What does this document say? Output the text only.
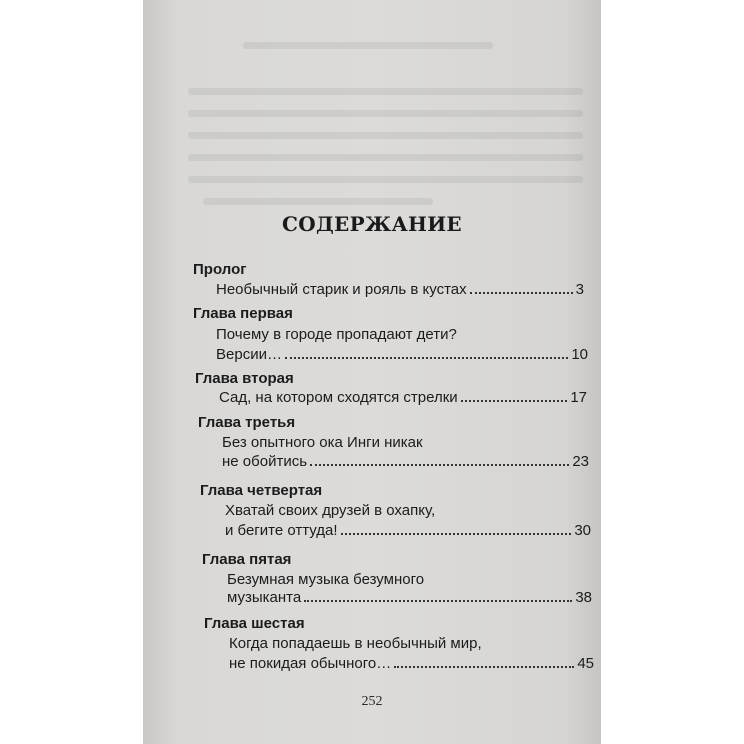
СОДЕРЖАНИЕ
Пролог
Необычный старик и рояль в кустах	3
Глава первая
Почему в городе пропадают дети?
Версии…	10
Глава вторая
Сад, на котором сходятся стрелки	17
Глава третья
Без опытного ока Инги никак
не обойтись	23
Глава четвертая
Хватай своих друзей в охапку,
и бегите оттуда!	30
Глава пятая
Безумная музыка безумного
музыканта	38
Глава шестая
Когда попадаешь в необычный мир,
не покидая обычного…	45
252
